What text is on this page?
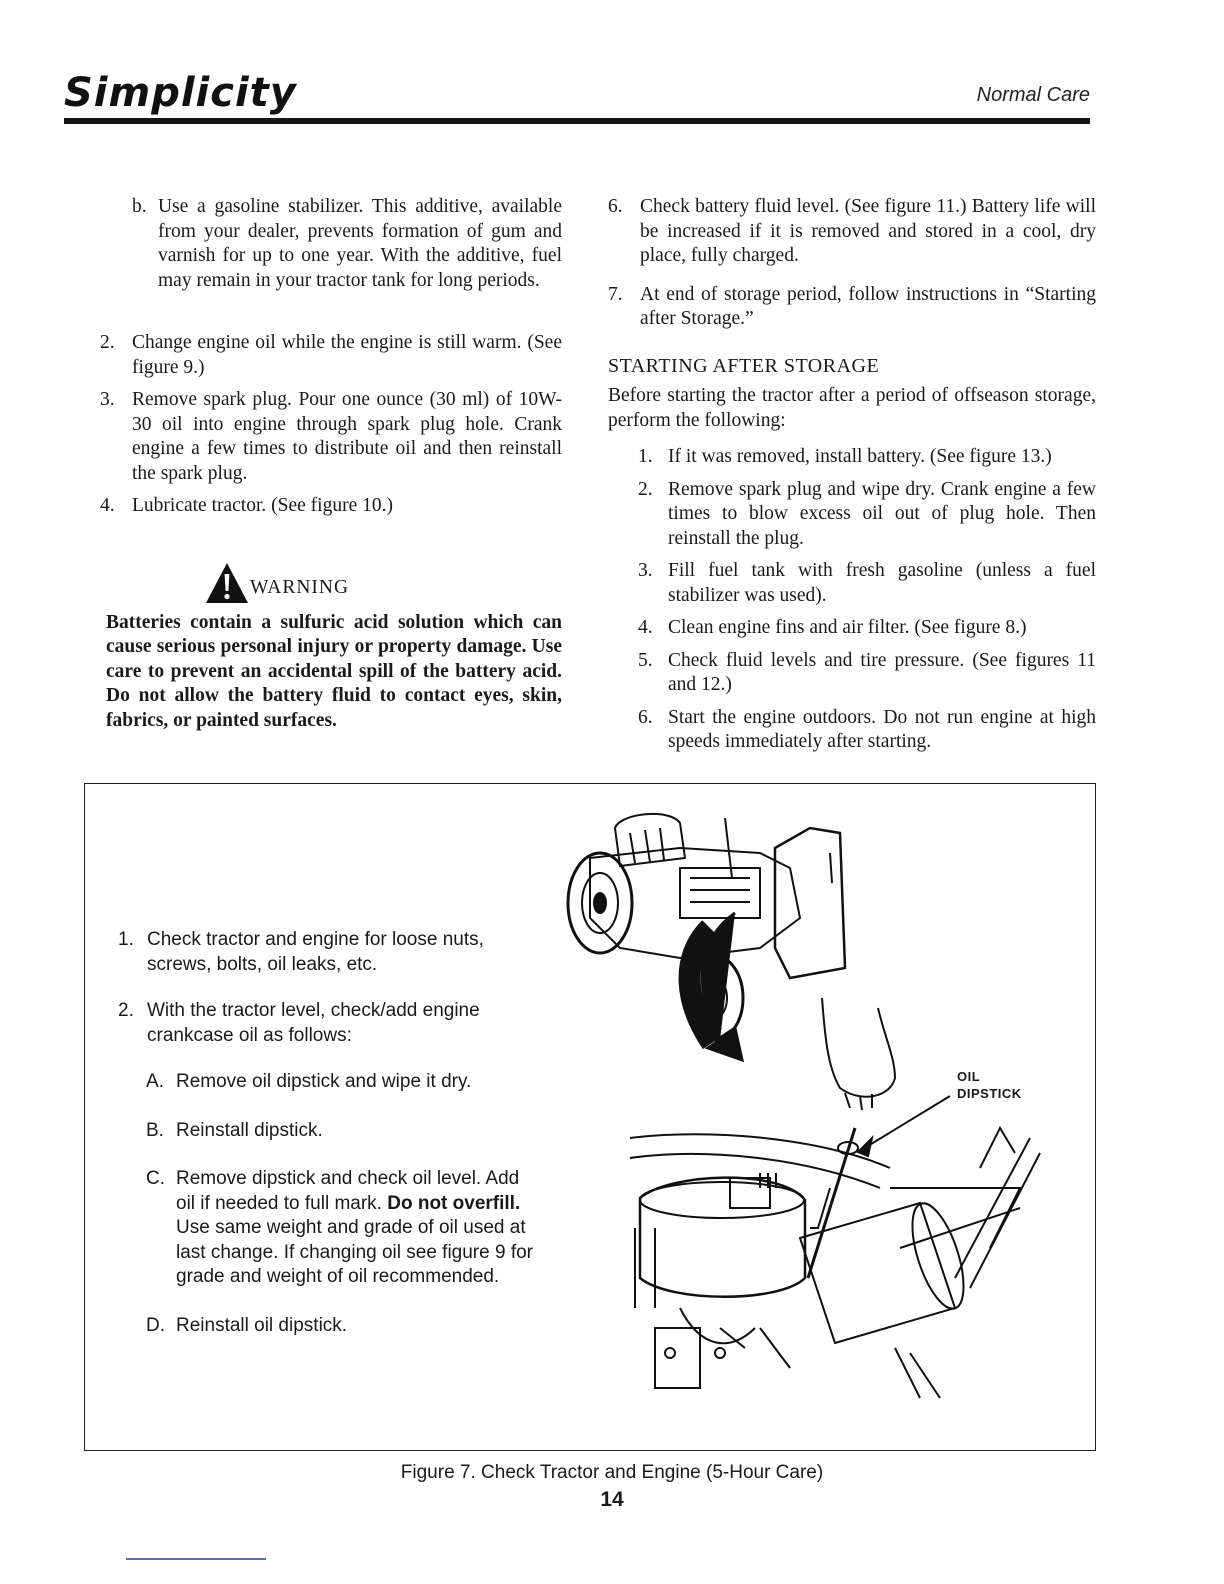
Simplicity	Normal Care
b. Use a gasoline stabilizer. This additive, available from your dealer, prevents formation of gum and varnish for up to one year. With the additive, fuel may remain in your tractor tank for long periods.
2. Change engine oil while the engine is still warm. (See figure 9.)
3. Remove spark plug. Pour one ounce (30 ml) of 10W-30 oil into engine through spark plug hole. Crank engine a few times to distribute oil and then reinstall the spark plug.
4. Lubricate tractor. (See figure 10.)
WARNING
Batteries contain a sulfuric acid solution which can cause serious personal injury or property damage. Use care to prevent an accidental spill of the battery acid. Do not allow the battery fluid to contact eyes, skin, fabrics, or painted surfaces.
6. Check battery fluid level. (See figure 11.) Battery life will be increased if it is removed and stored in a cool, dry place, fully charged.
7. At end of storage period, follow instructions in “Starting after Storage.”
STARTING AFTER STORAGE
Before starting the tractor after a period of offseason storage, perform the following:
1. If it was removed, install battery. (See figure 13.)
2. Remove spark plug and wipe dry. Crank engine a few times to blow excess oil out of plug hole. Then reinstall the plug.
3. Fill fuel tank with fresh gasoline (unless a fuel stabilizer was used).
4. Clean engine fins and air filter. (See figure 8.)
5. Check fluid levels and tire pressure. (See figures 11 and 12.)
6. Start the engine outdoors. Do not run engine at high speeds immediately after starting.
1. Check tractor and engine for loose nuts, screws, bolts, oil leaks, etc.
2. With the tractor level, check/add engine crankcase oil as follows:
A. Remove oil dipstick and wipe it dry.
B. Reinstall dipstick.
C. Remove dipstick and check oil level. Add oil if needed to full mark. Do not overfill. Use same weight and grade of oil used at last change. If changing oil see figure 9 for grade and weight of oil recommended.
D. Reinstall oil dipstick.
OIL
DIPSTICK
Figure 7. Check Tractor and Engine (5-Hour Care)
14
